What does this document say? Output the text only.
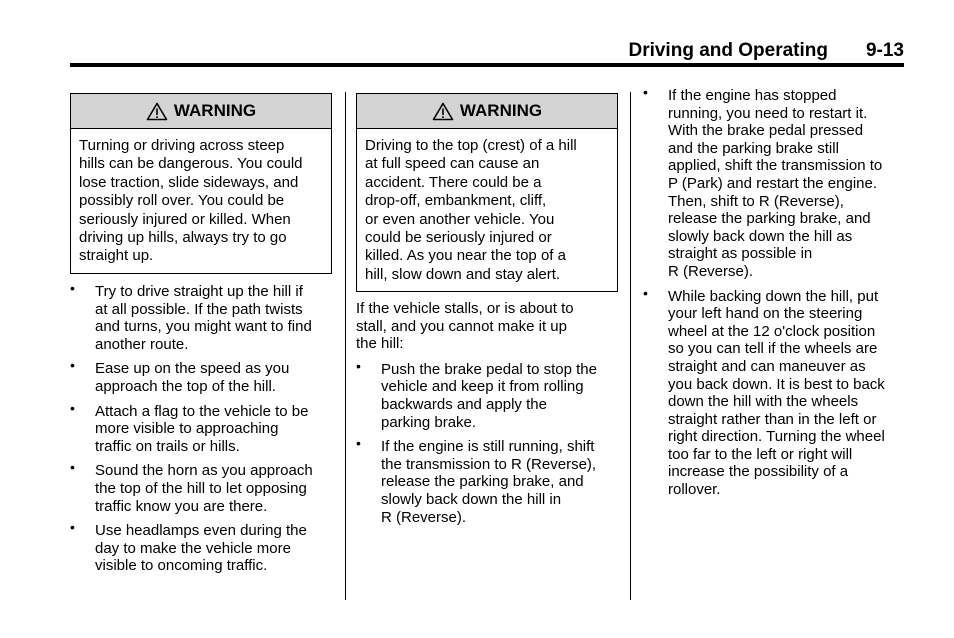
Driving and Operating 9-13
WARNING

Turning or driving across steep
hills can be dangerous. You could
lose traction, slide sideways, and
possibly roll over. You could be
seriously injured or killed. When
driving up hills, always try to go
straight up.

• Try to drive straight up the hill if
at all possible. If the path twists
and turns, you might want to find
another route.
• Ease up on the speed as you
approach the top of the hill.
• Attach a flag to the vehicle to be
more visible to approaching
traffic on trails or hills.
• Sound the horn as you approach
the top of the hill to let opposing
traffic know you are there.
• Use headlamps even during the
day to make the vehicle more
visible to oncoming traffic.
WARNING

Driving to the top (crest) of a hill
at full speed can cause an
accident. There could be a
drop-off, embankment, cliff,
or even another vehicle. You
could be seriously injured or
killed. As you near the top of a
hill, slow down and stay alert.

If the vehicle stalls, or is about to
stall, and you cannot make it up
the hill:

• Push the brake pedal to stop the
vehicle and keep it from rolling
backwards and apply the
parking brake.
• If the engine is still running, shift
the transmission to R (Reverse),
release the parking brake, and
slowly back down the hill in
R (Reverse).
• If the engine has stopped
running, you need to restart it.
With the brake pedal pressed
and the parking brake still
applied, shift the transmission to
P (Park) and restart the engine.
Then, shift to R (Reverse),
release the parking brake, and
slowly back down the hill as
straight as possible in
R (Reverse).
• While backing down the hill, put
your left hand on the steering
wheel at the 12 o'clock position
so you can tell if the wheels are
straight and can maneuver as
you back down. It is best to back
down the hill with the wheels
straight rather than in the left or
right direction. Turning the wheel
too far to the left or right will
increase the possibility of a
rollover.
